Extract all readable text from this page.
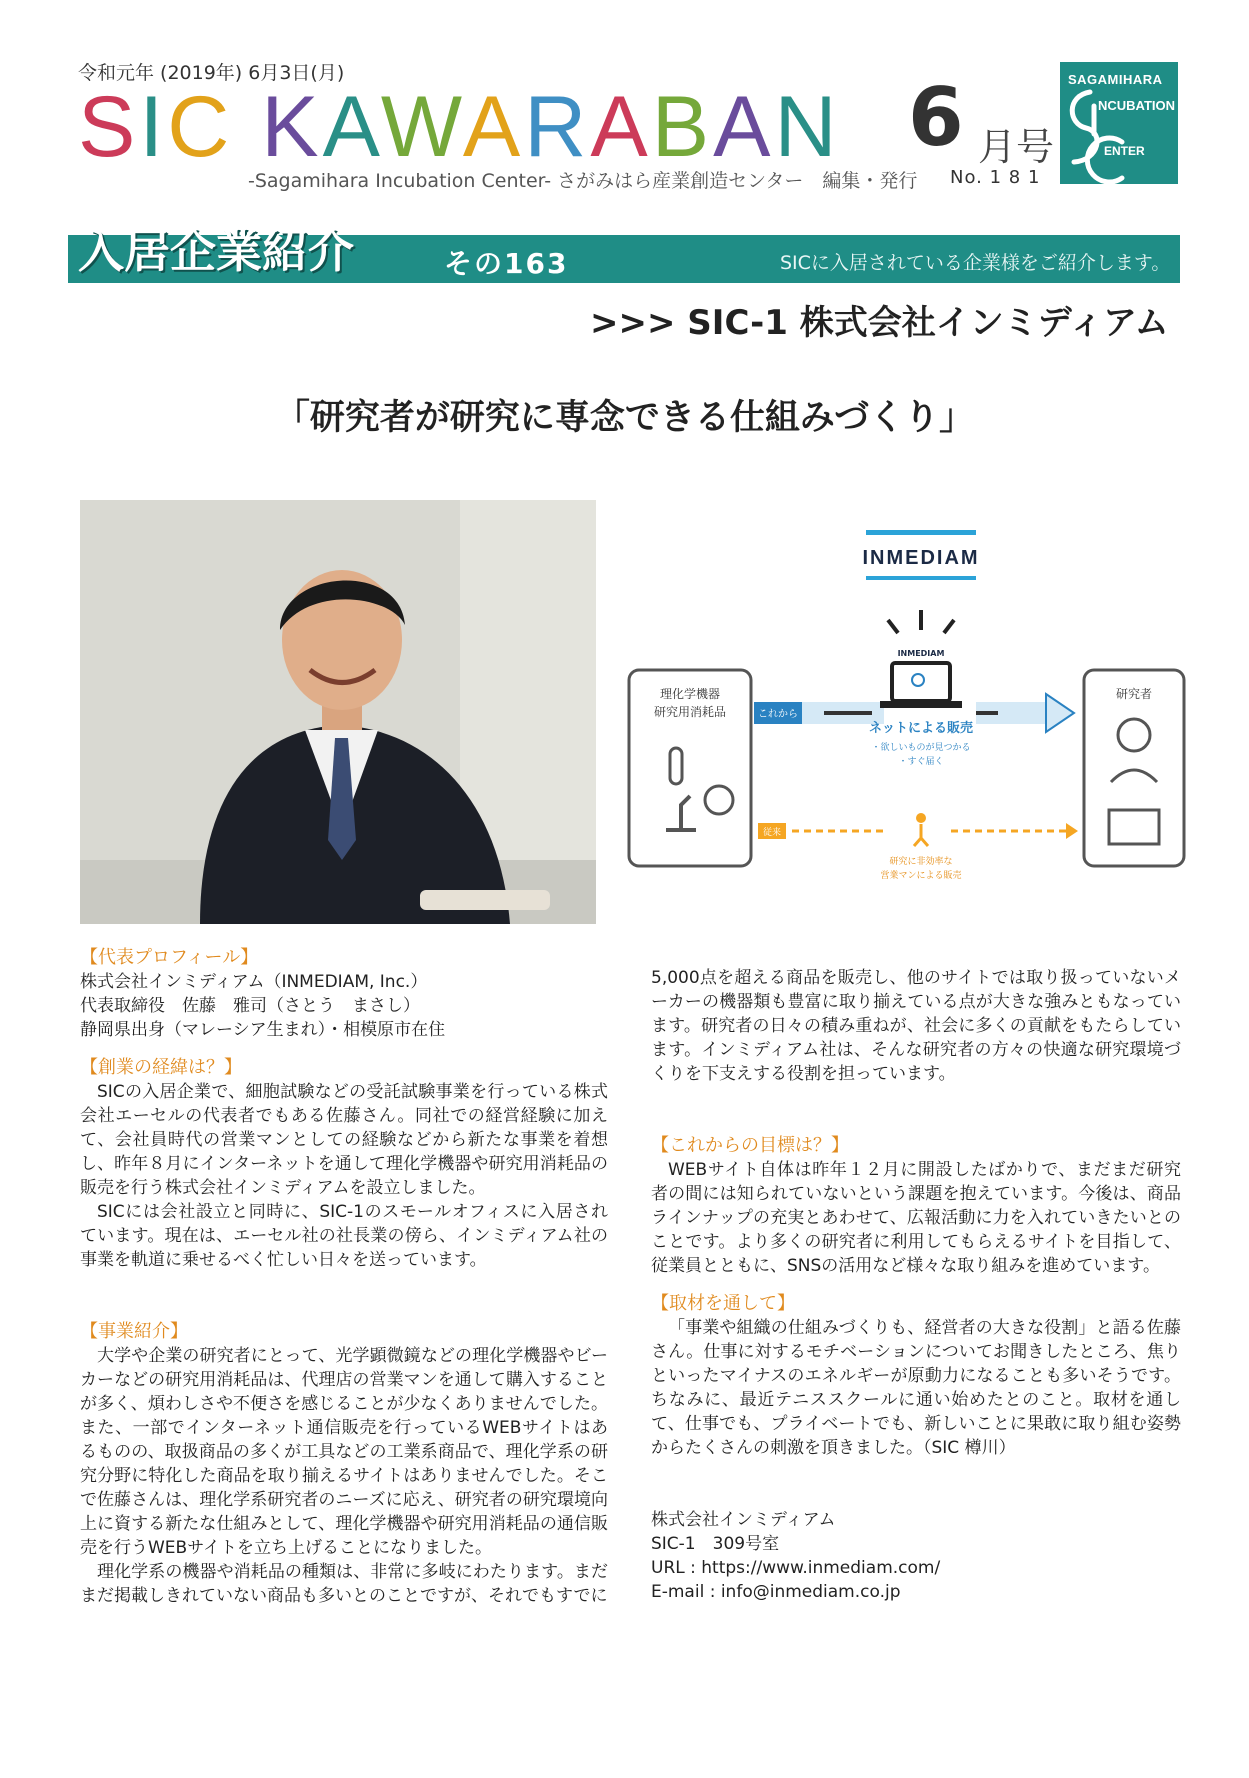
令和元年 (2019年) 6月3日(月)
SIC KAWARABAN 6 月号
-Sagamihara Incubation Center- さがみはら産業創造センター　編集・発行 No. 1 8 1
SAGAMIHARA
NCUBATION
ENTER
入居企業紹介	その163	SICに入居されている企業様をご紹介します。
>>> SIC-1 株式会社インミディアム
「研究者が研究に専念できる仕組みづくり」
INMEDIAM
理化学機器
研究用消耗品
研究者
これから
INMEDIAM
ネットによる販売
・欲しいものが見つかる
・すぐ届く
従来
研究に非効率な
営業マンによる販売
【代表プロフィール】
株式会社インミディアム（INMEDIAM, Inc.）
代表取締役　佐藤　雅司（さとう　まさし）
静岡県出身（マレーシア生まれ）・相模原市在住
【創業の経緯は？】

SICの入居企業で、細胞試験などの受託試験事業を行っている株式会社エーセルの代表者でもある佐藤さん。同社での経営経験に加えて、会社員時代の営業マンとしての経験などから新たな事業を着想し、昨年８月にインターネットを通して理化学機器や研究用消耗品の販売を行う株式会社インミディアムを設立しました。

SICには会社設立と同時に、SIC-1のスモールオフィスに入居されています。現在は、エーセル社の社長業の傍ら、インミディアム社の事業を軌道に乗せるべく忙しい日々を送っています。

【事業紹介】

大学や企業の研究者にとって、光学顕微鏡などの理化学機器やビーカーなどの研究用消耗品は、代理店の営業マンを通して購入することが多く、煩わしさや不便さを感じることが少なくありませんでした。また、一部でインターネット通信販売を行っているWEBサイトはあるものの、取扱商品の多くが工具などの工業系商品で、理化学系の研究分野に特化した商品を取り揃えるサイトはありませんでした。そこで佐藤さんは、理化学系研究者のニーズに応え、研究者の研究環境向上に資する新たな仕組みとして、理化学機器や研究用消耗品の通信販売を行うWEBサイトを立ち上げることになりました。

理化学系の機器や消耗品の種類は、非常に多岐にわたります。まだまだ掲載しきれていない商品も多いとのことですが、それでもすでに

5,000点を超える商品を販売し、他のサイトでは取り扱っていないメーカーの機器類も豊富に取り揃えている点が大きな強みともなっています。研究者の日々の積み重ねが、社会に多くの貢献をもたらしています。インミディアム社は、そんな研究者の方々の快適な研究環境づくりを下支えする役割を担っています。

【これからの目標は？】

WEBサイト自体は昨年１２月に開設したばかりで、まだまだ研究者の間には知られていないという課題を抱えています。今後は、商品ラインナップの充実とあわせて、広報活動に力を入れていきたいとのことです。より多くの研究者に利用してもらえるサイトを目指して、従業員とともに、SNSの活用など様々な取り組みを進めています。

【取材を通して】

「事業や組織の仕組みづくりも、経営者の大きな役割」と語る佐藤さん。仕事に対するモチベーションについてお聞きしたところ、焦りといったマイナスのエネルギーが原動力になることも多いそうです。ちなみに、最近テニススクールに通い始めたとのこと。取材を通して、仕事でも、プライベートでも、新しいことに果敢に取り組む姿勢からたくさんの刺激を頂きました。（SIC 樽川）

株式会社インミディアム
SIC-1　309号室
URL : https://www.inmediam.com/
E-mail : info@inmediam.co.jp
